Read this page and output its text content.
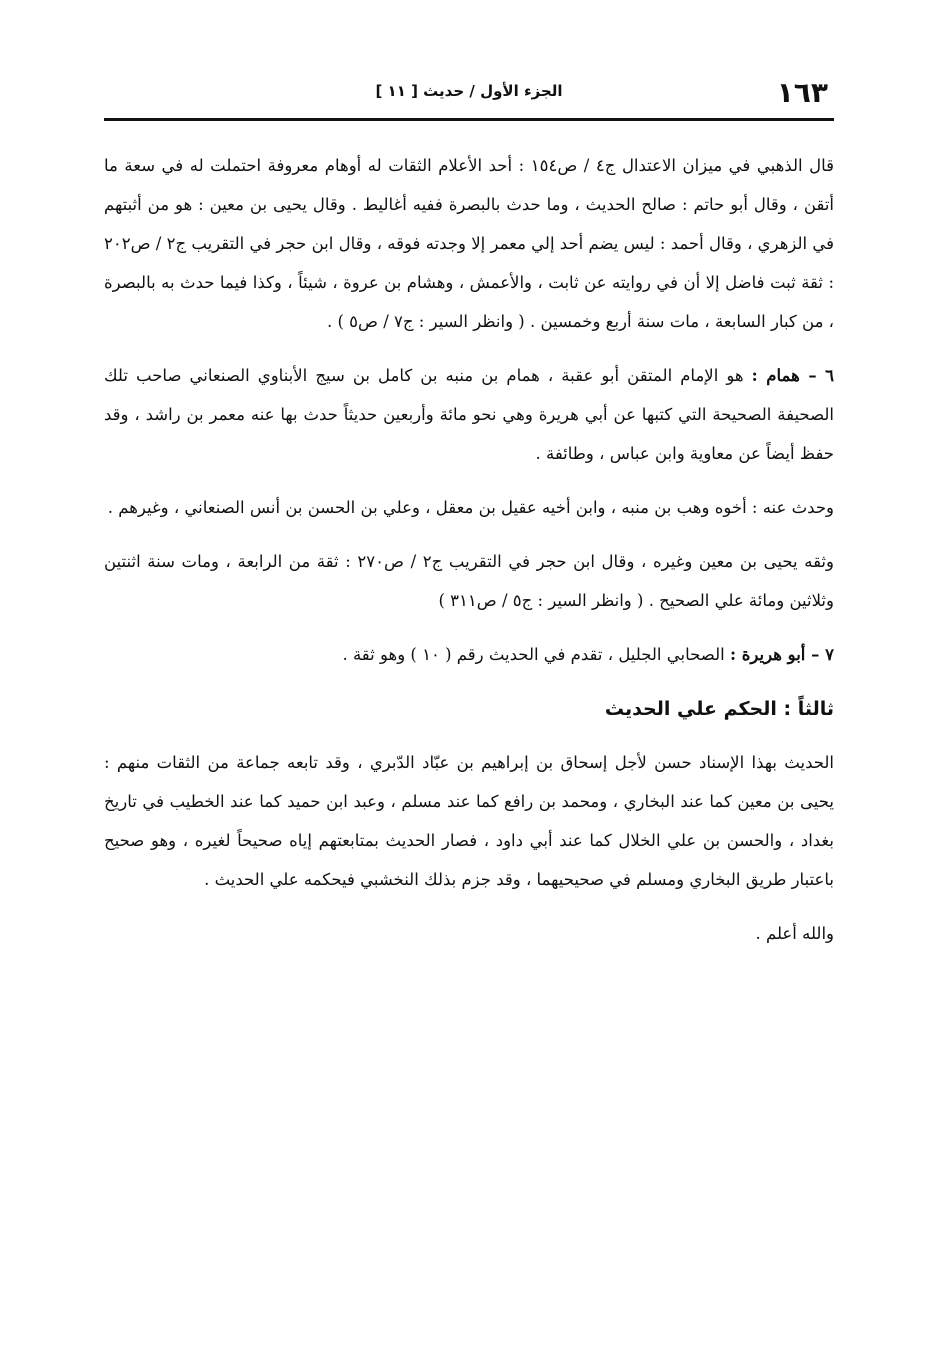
١٦٣
الجزء الأول / حديث [ ١١ ]

قال الذهبي في ميزان الاعتدال ج٤ / ص١٥٤ : أحد الأعلام الثقات له أوهام معروفة احتملت له في سعة ما أتقن ، وقال أبو حاتم : صالح الحديث ، وما حدث بالبصرة ففيه أغاليط . وقال يحيى بن معين : هو من أثبتهم في الزهري ، وقال أحمد : ليس يضم أحد إلي معمر إلا وجدته فوقه ، وقال ابن حجر في التقريب ج٢ / ص٢٠٢ : ثقة ثبت فاضل إلا أن في روايته عن ثابت ، والأعمش ، وهشام بن عروة ، شيئاً ، وكذا فيما حدث به بالبصرة ، من كبار السابعة ، مات سنة أربع وخمسين . ( وانظر السير : ج٧ / ص٥ ) .

٦ – همام : هو الإمام المتقن أبو عقبة ، همام بن منبه بن كامل بن سيج الأبناوي الصنعاني صاحب تلك الصحيفة الصحيحة التي كتبها عن أبي هريرة وهي نحو مائة وأربعين حديثاً حدث بها عنه معمر بن راشد ، وقد حفظ أيضاً عن معاوية وابن عباس ، وطائفة .

وحدث عنه : أخوه وهب بن منبه ، وابن أخيه عقيل بن معقل ، وعلي بن الحسن بن أنس الصنعاني ، وغيرهم .

وثقه يحيى بن معين وغيره ، وقال ابن حجر في التقريب ج٢ / ص٢٧٠ : ثقة من الرابعة ، ومات سنة اثنتين وثلاثين ومائة علي الصحيح . ( وانظر السير : ج٥ / ص٣١١ )

٧ – أبو هريرة : الصحابي الجليل ، تقدم في الحديث رقم ( ١٠ ) وهو ثقة .

ثالثاً : الحكم علي الحديث

الحديث بهذا الإسناد حسن لأجل إسحاق بن إبراهيم بن عبّاد الدّبري ، وقد تابعه جماعة من الثقات منهم : يحيى بن معين كما عند البخاري ، ومحمد بن رافع كما عند مسلم ، وعبد ابن حميد كما عند الخطيب في تاريخ بغداد ، والحسن بن علي الخلال كما عند أبي داود ، فصار الحديث بمتابعتهم إياه صحيحاً لغيره ، وهو صحيح باعتبار طريق البخاري ومسلم في صحيحيهما ، وقد جزم بذلك النخشبي فيحكمه علي الحديث .

والله أعلم .
